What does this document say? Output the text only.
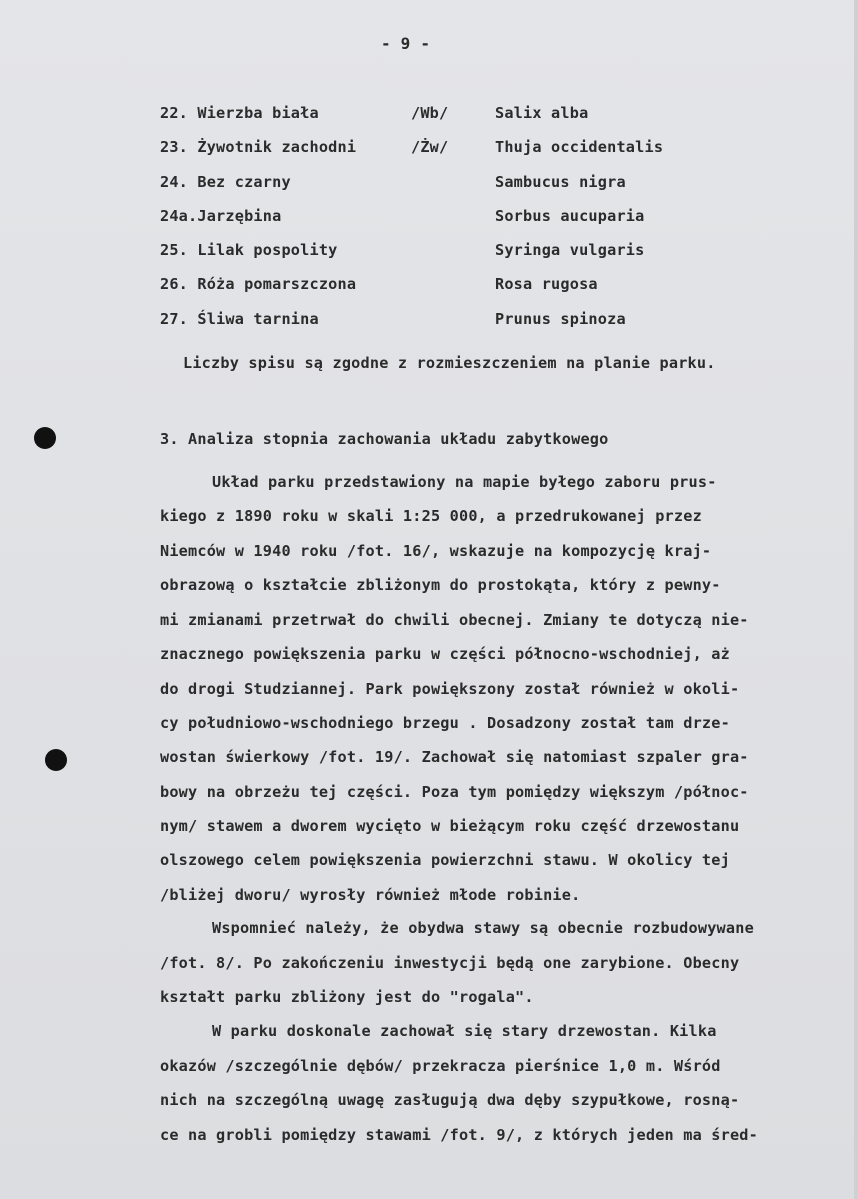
- 9 -
22. Wierzba biała	/Wb/	Salix alba
23. Żywotnik zachodni	/Żw/	Thuja occidentalis
24. Bez czarny	Sambucus nigra
24a.Jarzębina	Sorbus aucuparia
25. Lilak pospolity	Syringa vulgaris
26. Róża pomarszczona	Rosa rugosa
27. Śliwa tarnina	Prunus spinoza
Liczby spisu są zgodne z rozmieszczeniem na planie parku.
3. Analiza stopnia zachowania układu zabytkowego
Układ parku przedstawiony na mapie byłego zaboru prus-
kiego z 1890 roku w skali 1:25 000, a przedrukowanej przez
Niemców w 1940 roku /fot. 16/, wskazuje na kompozycję kraj-
obrazową o kształcie zbliżonym do prostokąta, który z pewny-
mi zmianami przetrwał do chwili obecnej. Zmiany te dotyczą nie-
znacznego powiększenia parku w części północno-wschodniej, aż
do drogi Studziannej. Park powiększony został również w okoli-
cy południowo-wschodniego brzegu . Dosadzony został tam drze-
wostan świerkowy /fot. 19/. Zachował się natomiast szpaler gra-
bowy na obrzeżu tej części. Poza tym pomiędzy większym /północ-
nym/ stawem a dworem wycięto w bieżącym roku część drzewostanu
olszowego celem powiększenia powierzchni stawu. W okolicy tej
/bliżej dworu/ wyrosły również młode robinie.
Wspomnieć należy, że obydwa stawy są obecnie rozbudowywane
/fot. 8/. Po zakończeniu inwestycji będą one zarybione. Obecny
kształt parku zbliżony jest do "rogala".
W parku doskonale zachował się stary drzewostan. Kilka
okazów /szczególnie dębów/ przekracza pierśnice 1,0 m. Wśród
nich na szczególną uwagę zasługują dwa dęby szypułkowe, rosną-
ce na grobli pomiędzy stawami /fot. 9/, z których jeden ma śred-
